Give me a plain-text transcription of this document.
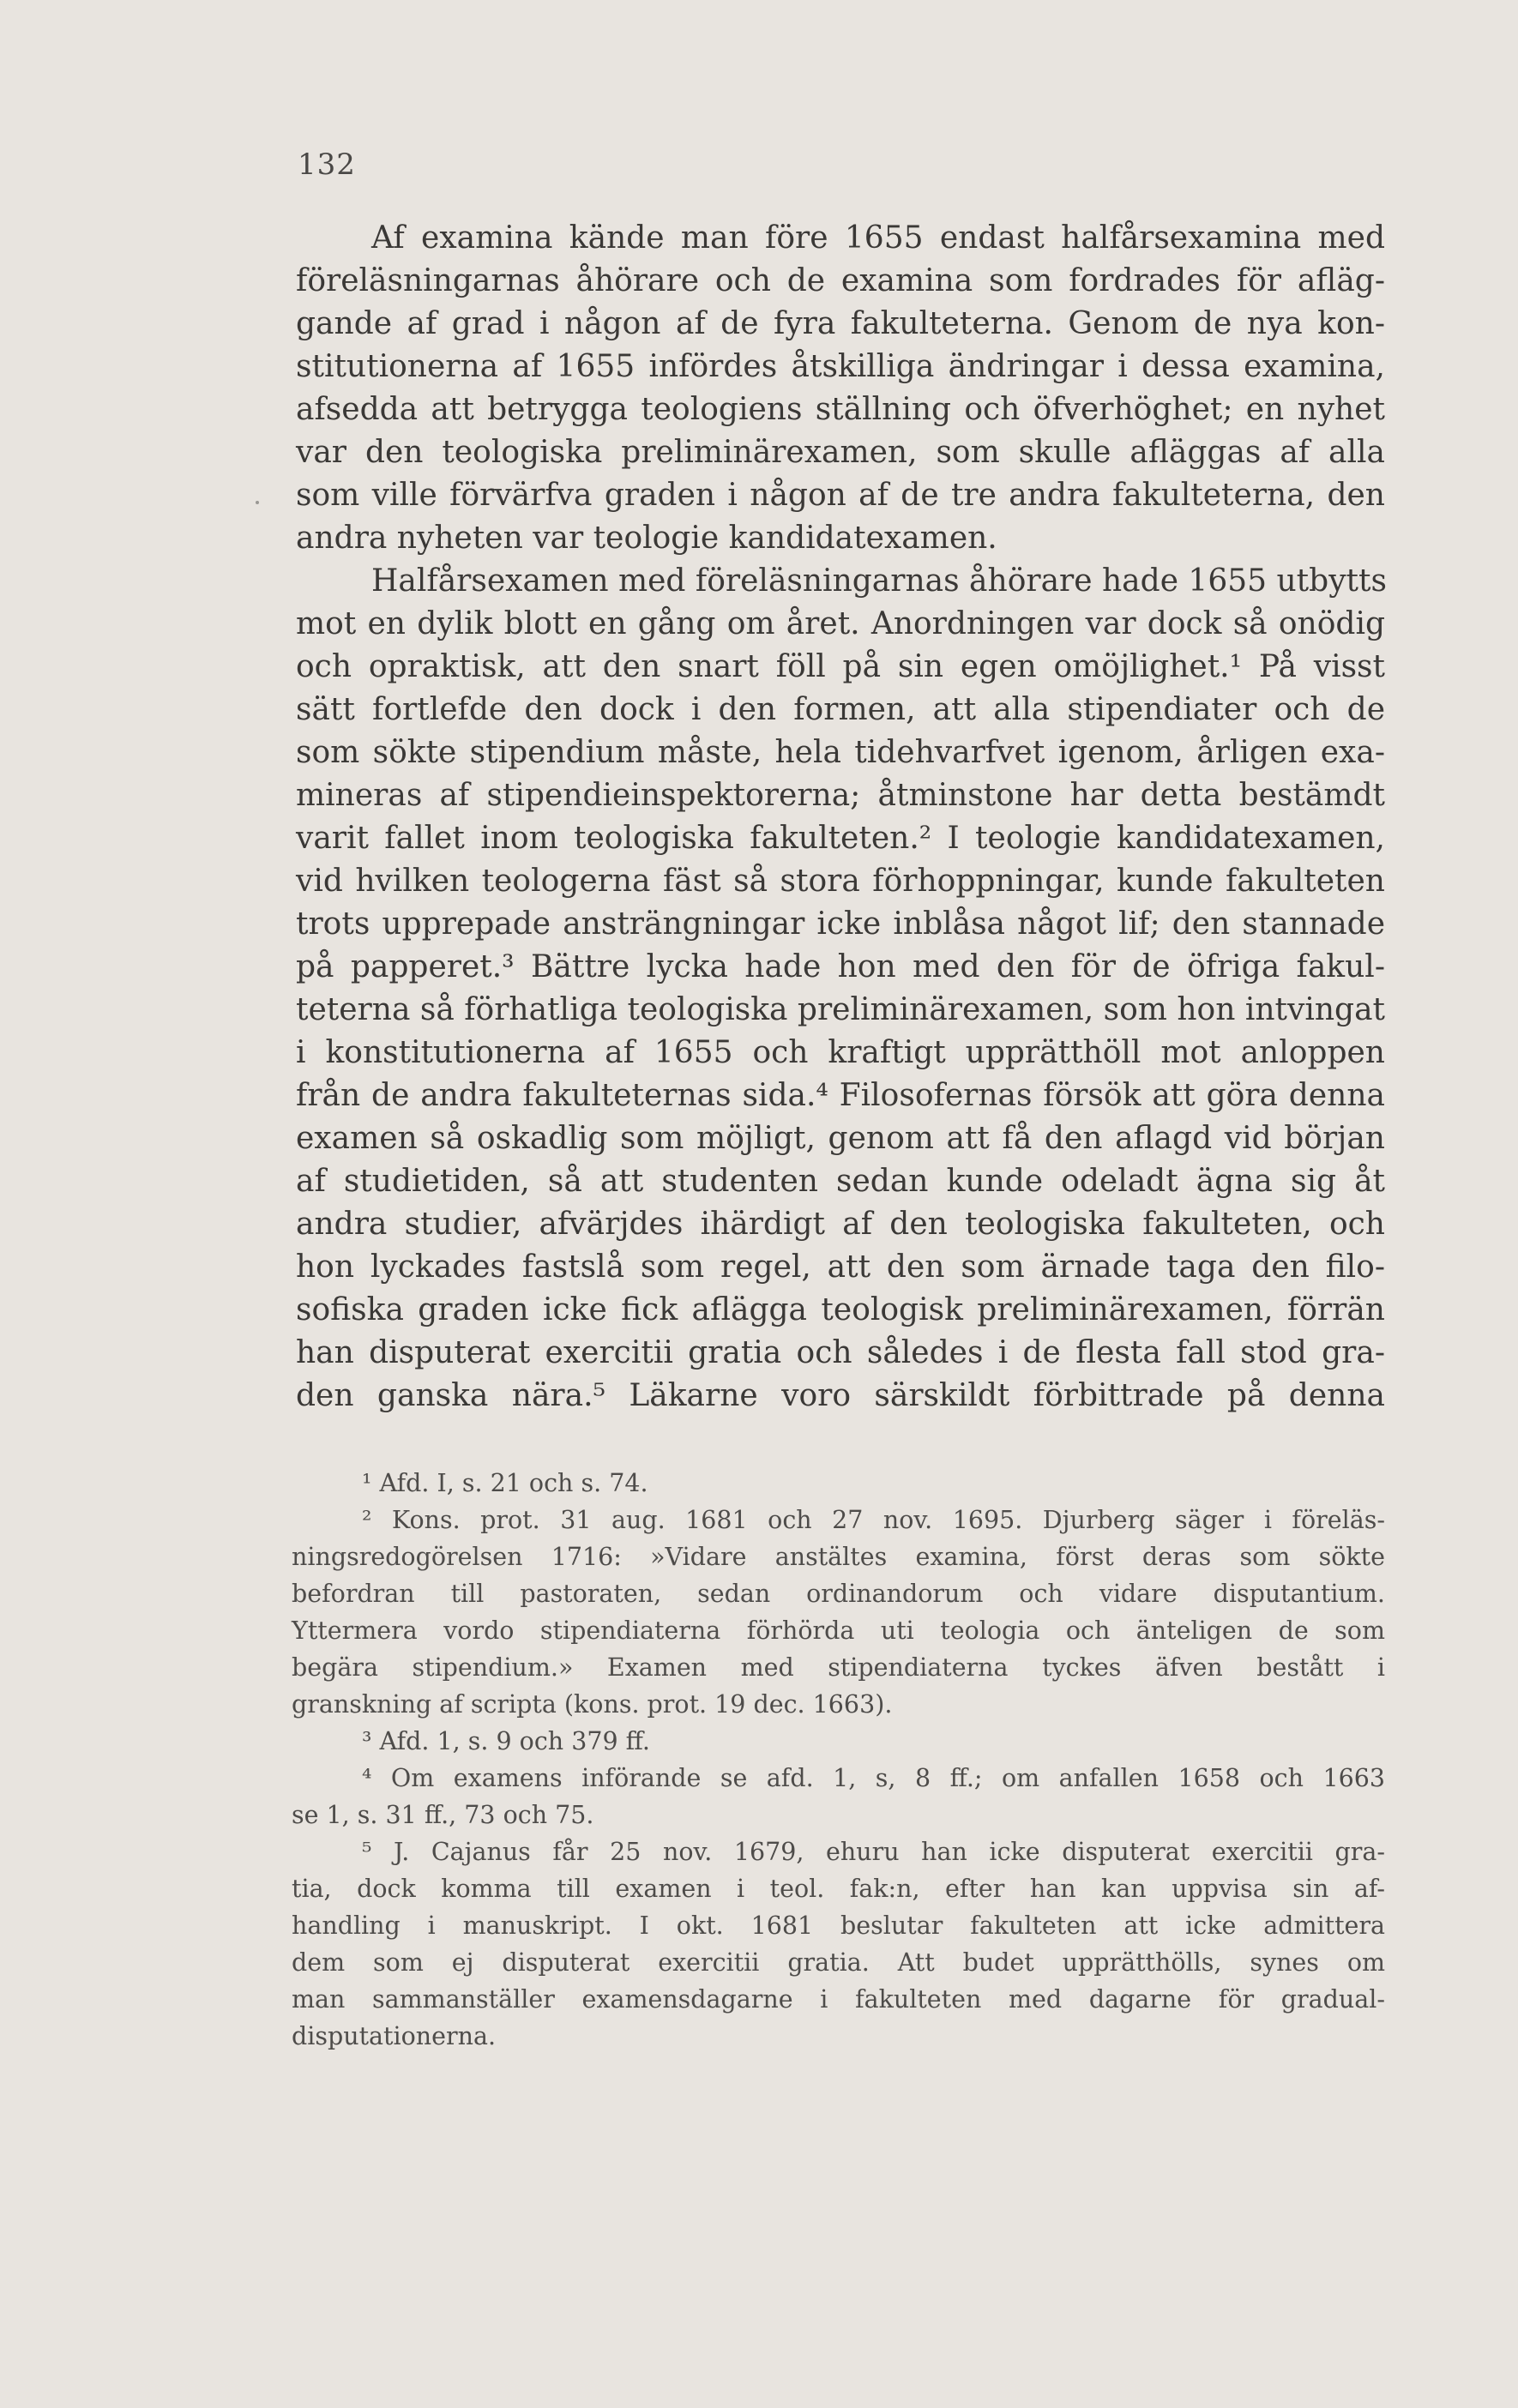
132
Af examina kände man före 1655 endast halfårsexamina med
föreläsningarnas åhörare och de examina som fordrades för afläg-
gande af grad i någon af de fyra fakulteterna. Genom de nya kon-
stitutionerna af 1655 infördes åtskilliga ändringar i dessa examina,
afsedda att betrygga teologiens ställning och öfverhöghet; en nyhet
var den teologiska preliminärexamen, som skulle afläggas af alla
som ville förvärfva graden i någon af de tre andra fakulteterna, den
andra nyheten var teologie kandidatexamen.
Halfårsexamen med föreläsningarnas åhörare hade 1655 utbytts
mot en dylik blott en gång om året. Anordningen var dock så onödig
och opraktisk, att den snart föll på sin egen omöjlighet.¹ På visst
sätt fortlefde den dock i den formen, att alla stipendiater och de
som sökte stipendium måste, hela tidehvarfvet igenom, årligen exa-
mineras af stipendieinspektorerna; åtminstone har detta bestämdt
varit fallet inom teologiska fakulteten.² I teologie kandidatexamen,
vid hvilken teologerna fäst så stora förhoppningar, kunde fakulteten
trots upprepade ansträngningar icke inblåsa något lif; den stannade
på papperet.³ Bättre lycka hade hon med den för de öfriga fakul-
teterna så förhatliga teologiska preliminärexamen, som hon intvingat
i konstitutionerna af 1655 och kraftigt upprätthöll mot anloppen
från de andra fakulteternas sida.⁴ Filosofernas försök att göra denna
examen så oskadlig som möjligt, genom att få den aflagd vid början
af studietiden, så att studenten sedan kunde odeladt ägna sig åt
andra studier, afvärjdes ihärdigt af den teologiska fakulteten, och
hon lyckades fastslå som regel, att den som ärnade taga den filo-
sofiska graden icke fick aflägga teologisk preliminärexamen, förrän
han disputerat exercitii gratia och således i de flesta fall stod gra-
den ganska nära.⁵ Läkarne voro särskildt förbittrade på denna
¹ Afd. I, s. 21 och s. 74.
² Kons. prot. 31 aug. 1681 och 27 nov. 1695. Djurberg säger i föreläs-
ningsredogörelsen 1716: »Vidare anstältes examina, först deras som sökte
befordran till pastoraten, sedan ordinandorum och vidare disputantium.
Yttermera vordo stipendiaterna förhörda uti teologia och änteligen de som
begära stipendium.» Examen med stipendiaterna tyckes äfven bestått i
granskning af scripta (kons. prot. 19 dec. 1663).
³ Afd. 1, s. 9 och 379 ff.
⁴ Om examens införande se afd. 1, s, 8 ff.; om anfallen 1658 och 1663
se 1, s. 31 ff., 73 och 75.
⁵ J. Cajanus får 25 nov. 1679, ehuru han icke disputerat exercitii gra-
tia, dock komma till examen i teol. fak:n, efter han kan uppvisa sin af-
handling i manuskript. I okt. 1681 beslutar fakulteten att icke admittera
dem som ej disputerat exercitii gratia. Att budet upprätthölls, synes om
man sammanställer examensdagarne i fakulteten med dagarne för gradual-
disputationerna.
